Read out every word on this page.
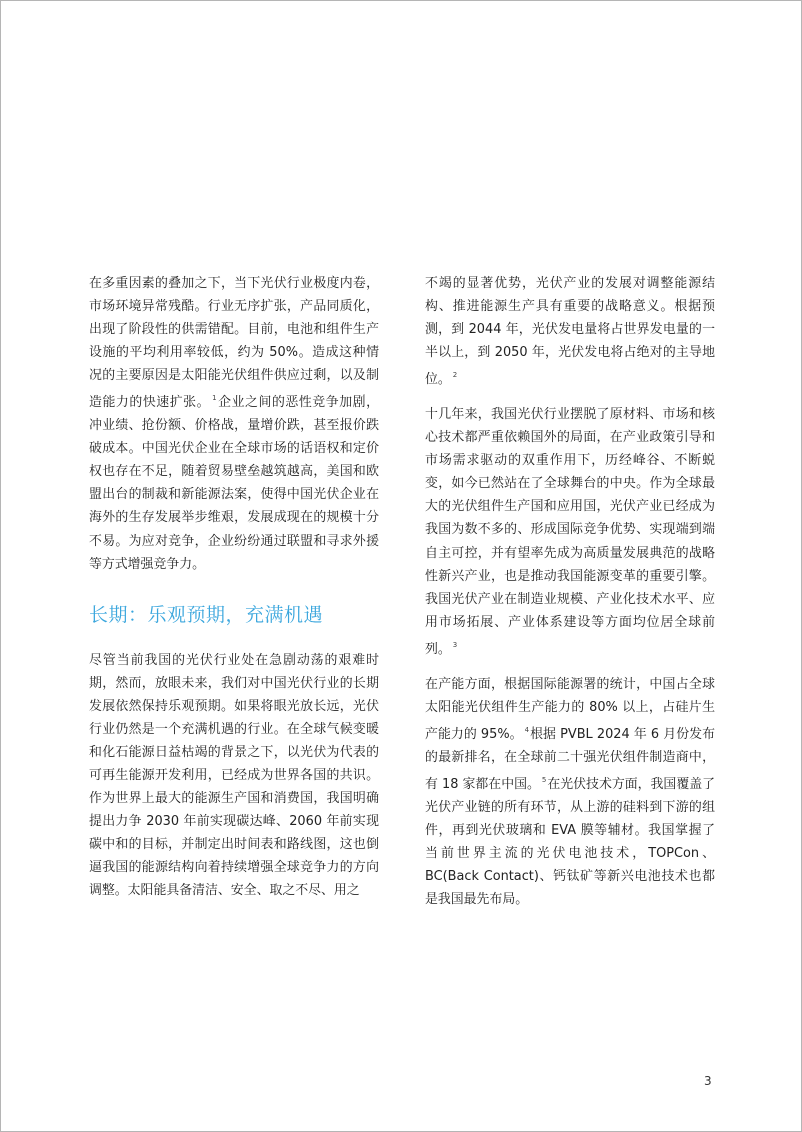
在多重因素的叠加之下，当下光伏行业极度内卷，市场环境异常残酷。行业无序扩张，产品同质化，出现了阶段性的供需错配。目前，电池和组件生产设施的平均利用率较低，约为 50%。造成这种情况的主要原因是太阳能光伏组件供应过剩，以及制造能力的快速扩张。 $^1$企业之间的恶性竞争加剧，冲业绩、抢份额、价格战，量增价跌，甚至报价跌破成本。中国光伏企业在全球市场的话语权和定价权也存在不足，随着贸易壁垒越筑越高，美国和欧盟出台的制裁和新能源法案，使得中国光伏企业在海外的生存发展举步维艰，发展成现在的规模十分不易。为应对竞争，企业纷纷通过联盟和寻求外援等方式增强竞争力。

长期：乐观预期，充满机遇

尽管当前我国的光伏行业处在急剧动荡的艰难时期，然而，放眼未来，我们对中国光伏行业的长期发展依然保持乐观预期。如果将眼光放长远，光伏行业仍然是一个充满机遇的行业。在全球气候变暖和化石能源日益枯竭的背景之下，以光伏为代表的可再生能源开发利用，已经成为世界各国的共识。作为世界上最大的能源生产国和消费国，我国明确提出力争 2030 年前实现碳达峰、2060 年前实现碳中和的目标，并制定出时间表和路线图，这也倒逼我国的能源结构向着持续增强全球竞争力的方向调整。太阳能具备清洁、安全、取之不尽、用之

不竭的显著优势，光伏产业的发展对调整能源结构、推进能源生产具有重要的战略意义。根据预测，到 2044 年，光伏发电量将占世界发电量的一半以上，到 2050 年，光伏发电将占绝对的主导地位。 $^2$

十几年来，我国光伏行业摆脱了原材料、市场和核心技术都严重依赖国外的局面，在产业政策引导和市场需求驱动的双重作用下，历经峰谷、不断蜕变，如今已然站在了全球舞台的中央。作为全球最大的光伏组件生产国和应用国，光伏产业已经成为我国为数不多的、形成国际竞争优势、实现端到端自主可控，并有望率先成为高质量发展典范的战略性新兴产业，也是推动我国能源变革的重要引擎。我国光伏产业在制造业规模、产业化技术水平、应用市场拓展、产业体系建设等方面均位居全球前列。 $^3$

在产能方面，根据国际能源署的统计，中国占全球太阳能光伏组件生产能力的 80% 以上，占硅片生产能力的 95%。 $^4$根据 PVBL 2024 年 6 月份发布的最新排名，在全球前二十强光伏组件制造商中，有 18 家都在中国。 $^5$在光伏技术方面，我国覆盖了光伏产业链的所有环节，从上游的硅料到下游的组件，再到光伏玻璃和 EVA 膜等辅材。我国掌握了当前世界主流的光伏电池技术，TOPCon、BC(Back Contact)、钙钛矿等新兴电池技术也都是我国最先布局。

3
